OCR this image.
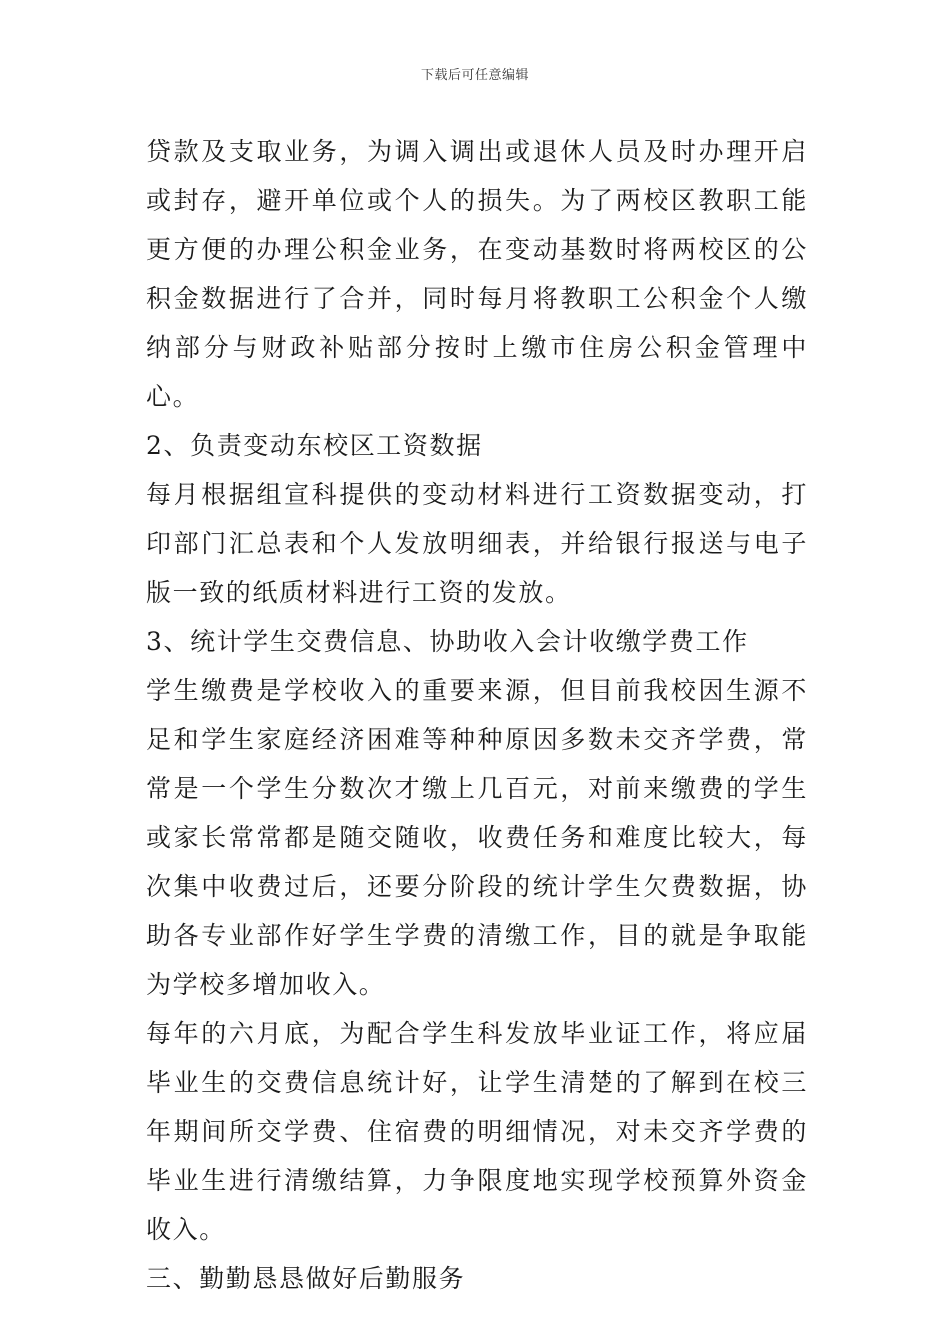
下载后可任意编辑

贷款及支取业务，为调入调出或退休人员及时办理开启或封存，避开单位或个人的损失。为了两校区教职工能更方便的办理公积金业务，在变动基数时将两校区的公积金数据进行了合并，同时每月将教职工公积金个人缴纳部分与财政补贴部分按时上缴市住房公积金管理中心。

2、负责变动东校区工资数据

每月根据组宣科提供的变动材料进行工资数据变动，打印部门汇总表和个人发放明细表，并给银行报送与电子版一致的纸质材料进行工资的发放。

3、统计学生交费信息、协助收入会计收缴学费工作

学生缴费是学校收入的重要来源，但目前我校因生源不足和学生家庭经济困难等种种原因多数未交齐学费，常常是一个学生分数次才缴上几百元，对前来缴费的学生或家长常常都是随交随收，收费任务和难度比较大，每次集中收费过后，还要分阶段的统计学生欠费数据，协助各专业部作好学生学费的清缴工作，目的就是争取能为学校多增加收入。

每年的六月底，为配合学生科发放毕业证工作，将应届毕业生的交费信息统计好，让学生清楚的了解到在校三年期间所交学费、住宿费的明细情况，对未交齐学费的毕业生进行清缴结算，力争限度地实现学校预算外资金收入。

三、勤勤恳恳做好后勤服务
